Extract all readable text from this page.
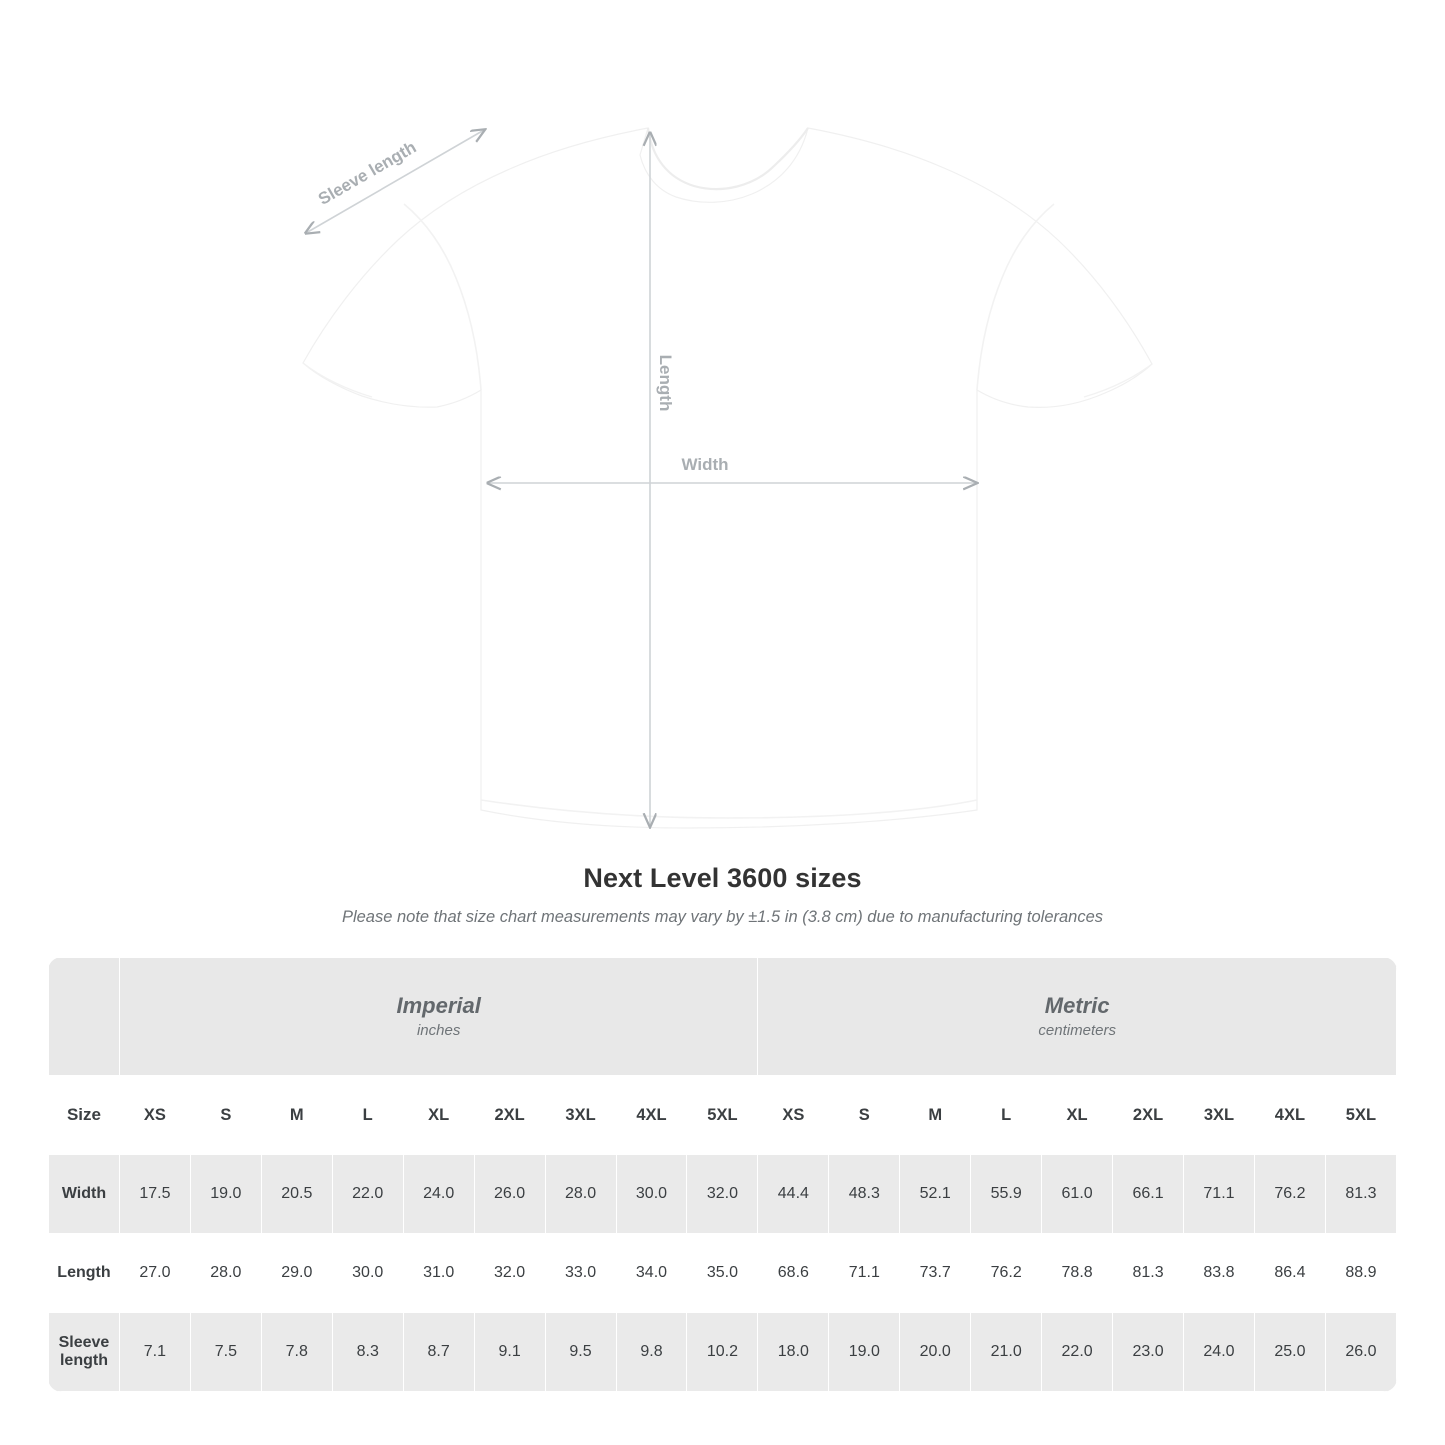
Length
Width
Sleeve length
Next Level 3600 sizes
Please note that size chart measurements may vary by ±1.5 in (3.8 cm) due to manufacturing tolerances

Imperial
inches

Metric
centimeters

Size	XS	S	M	L	XL	2XL	3XL	4XL	5XL	XS	S	M	L	XL	2XL	3XL	4XL	5XL
Width	17.5	19.0	20.5	22.0	24.0	26.0	28.0	30.0	32.0	44.4	48.3	52.1	55.9	61.0	66.1	71.1	76.2	81.3
Length	27.0	28.0	29.0	30.0	31.0	32.0	33.0	34.0	35.0	68.6	71.1	73.7	76.2	78.8	81.3	83.8	86.4	88.9
Sleeve length	7.1	7.5	7.8	8.3	8.7	9.1	9.5	9.8	10.2	18.0	19.0	20.0	21.0	22.0	23.0	24.0	25.0	26.0
